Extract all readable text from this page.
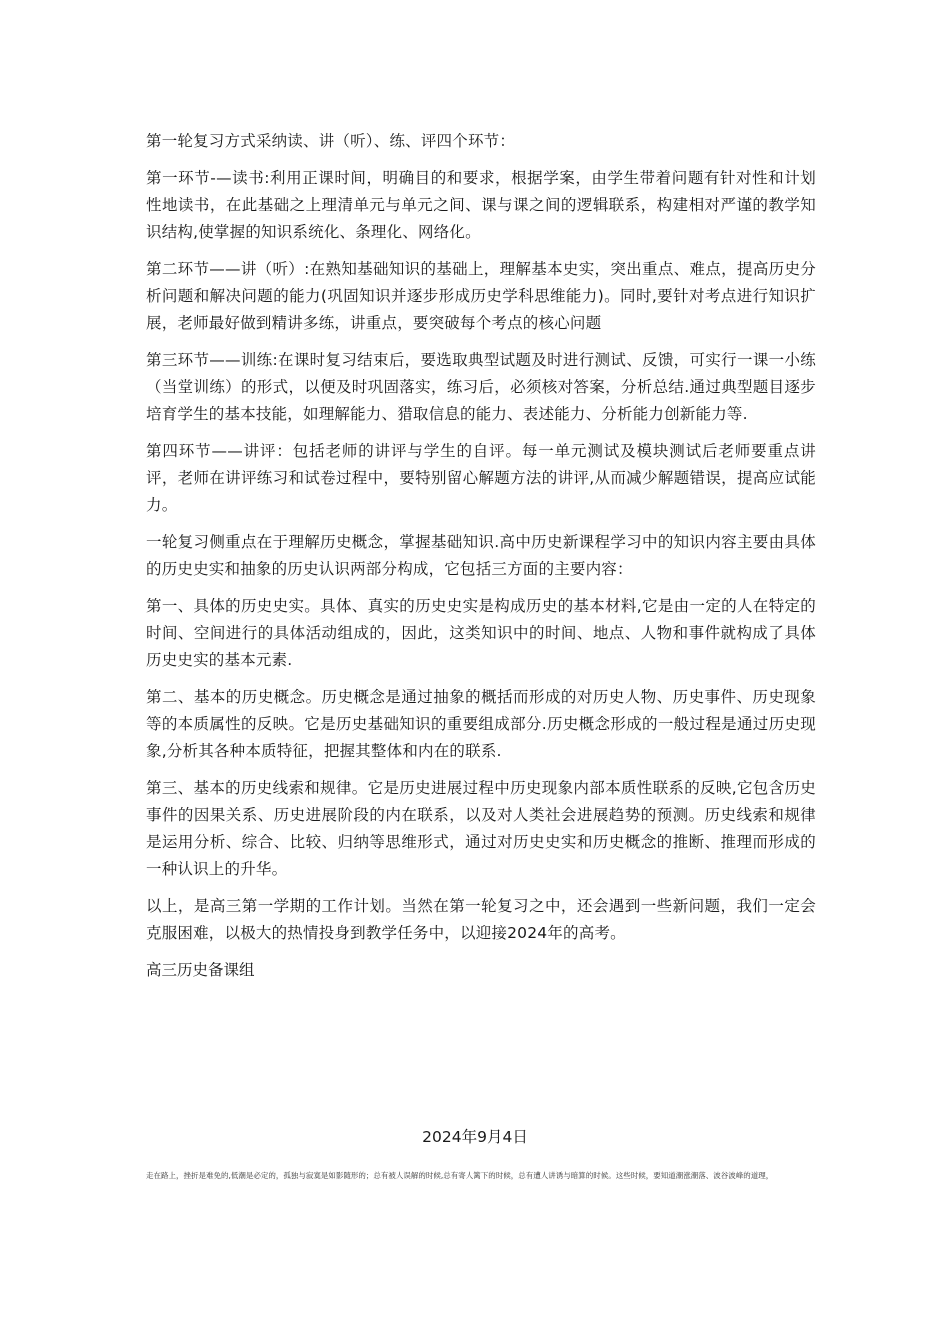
第一轮复习方式采纳读、讲（听）、练、评四个环节：

第一环节-—读书:利用正课时间，明确目的和要求，根据学案，由学生带着问题有针对性和计划性地读书，在此基础之上理清单元与单元之间、课与课之间的逻辑联系，构建相对严谨的教学知识结构,使掌握的知识系统化、条理化、网络化。

第二环节——讲（听）:在熟知基础知识的基础上，理解基本史实，突出重点、难点，提高历史分析问题和解决问题的能力(巩固知识并逐步形成历史学科思维能力)。同时,要针对考点进行知识扩展，老师最好做到精讲多练，讲重点，要突破每个考点的核心问题

第三环节——训练:在课时复习结束后，要选取典型试题及时进行测试、反馈，可实行一课一小练（当堂训练）的形式，以便及时巩固落实，练习后，必须核对答案，分析总结.通过典型题目逐步培育学生的基本技能，如理解能力、猎取信息的能力、表述能力、分析能力创新能力等.

第四环节——讲评：包括老师的讲评与学生的自评。每一单元测试及模块测试后老师要重点讲评，老师在讲评练习和试卷过程中，要特别留心解题方法的讲评,从而减少解题错误，提高应试能力。

一轮复习侧重点在于理解历史概念，掌握基础知识.高中历史新课程学习中的知识内容主要由具体的历史史实和抽象的历史认识两部分构成，它包括三方面的主要内容：

第一、具体的历史史实。具体、真实的历史史实是构成历史的基本材料,它是由一定的人在特定的时间、空间进行的具体活动组成的，因此，这类知识中的时间、地点、人物和事件就构成了具体历史史实的基本元素.

第二、基本的历史概念。历史概念是通过抽象的概括而形成的对历史人物、历史事件、历史现象等的本质属性的反映。它是历史基础知识的重要组成部分.历史概念形成的一般过程是通过历史现象,分析其各种本质特征，把握其整体和内在的联系.

第三、基本的历史线索和规律。它是历史进展过程中历史现象内部本质性联系的反映,它包含历史事件的因果关系、历史进展阶段的内在联系，以及对人类社会进展趋势的预测。历史线索和规律是运用分析、综合、比较、归纳等思维形式，通过对历史史实和历史概念的推断、推理而形成的一种认识上的升华。

以上，是高三第一学期的工作计划。当然在第一轮复习之中，还会遇到一些新问题，我们一定会克服困难，以极大的热情投身到教学任务中，以迎接2024年的高考。

高三历史备课组

2024年9月4日
走在路上，挫折是难免的,低潮是必定的，孤独与寂寞是如影随形的；总有被人误解的时候,总有寄人篱下的时候，总有遭人讲诱与暗算的时候。这些时候，要知道潮涨潮落、波谷波峰的道理，
